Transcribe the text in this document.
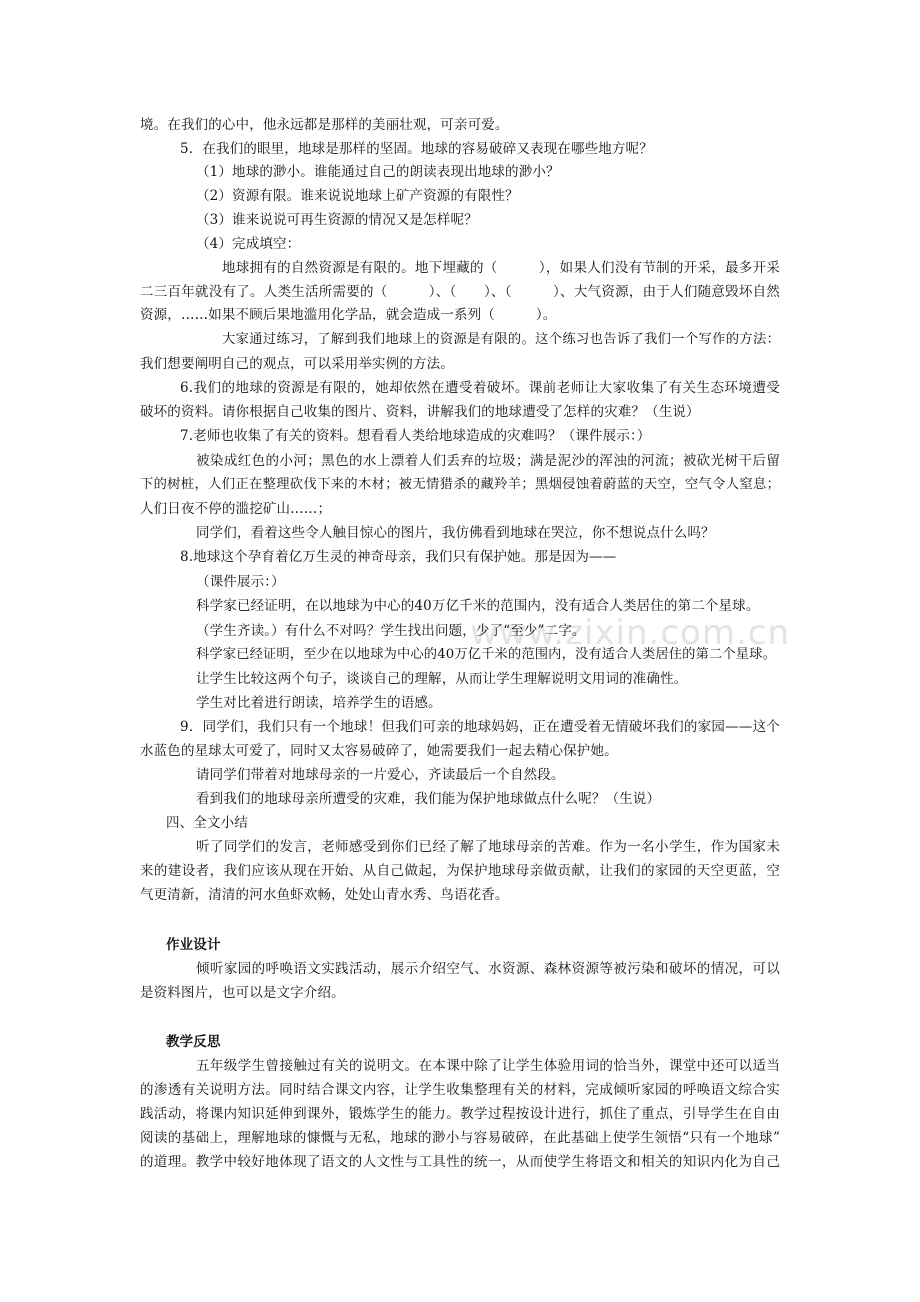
www.zixin.com.cn
境。在我们的心中，他永远都是那样的美丽壮观，可亲可爱。
5．在我们的眼里，地球是那样的坚固。地球的容易破碎又表现在哪些地方呢？
（1）地球的渺小。谁能通过自己的朗读表现出地球的渺小？
（2）资源有限。谁来说说地球上矿产资源的有限性？
（3）谁来说说可再生资源的情况又是怎样呢？
（4）完成填空：
地球拥有的自然资源是有限的。地下埋藏的（　　　），如果人们没有节制的开采，最多开采
二三百年就没有了。人类生活所需要的（　　　）、（　　）、（　　　）、大气资源，由于人们随意毁坏自然
资源，……如果不顾后果地滥用化学品，就会造成一系列（　　　）。
大家通过练习，了解到我们地球上的资源是有限的。这个练习也告诉了我们一个写作的方法：
我们想要阐明自己的观点，可以采用举实例的方法。
6.我们的地球的资源是有限的，她却依然在遭受着破坏。课前老师让大家收集了有关生态环境遭受
破坏的资料。请你根据自己收集的图片、资料，讲解我们的地球遭受了怎样的灾难？（生说）
7.老师也收集了有关的资料。想看看人类给地球造成的灾难吗？（课件展示：）
被染成红色的小河；黑色的水上漂着人们丢弃的垃圾；满是泥沙的浑浊的河流；被砍光树干后留
下的树桩，人们正在整理砍伐下来的木材；被无情猎杀的藏羚羊；黑烟侵蚀着蔚蓝的天空，空气令人窒息；
人们日夜不停的滥挖矿山……；
同学们，看着这些令人触目惊心的图片，我仿佛看到地球在哭泣，你不想说点什么吗？
8.地球这个孕育着亿万生灵的神奇母亲，我们只有保护她。那是因为——
（课件展示：）
科学家已经证明，在以地球为中心的40万亿千米的范围内，没有适合人类居住的第二个星球。
（学生齐读。）有什么不对吗？学生找出问题，少了“至少”二字。
科学家已经证明，至少在以地球为中心的40万亿千米的范围内，没有适合人类居住的第二个星球。
让学生比较这两个句子，谈谈自己的理解，从而让学生理解说明文用词的准确性。
学生对比着进行朗读，培养学生的语感。
9．同学们，我们只有一个地球！但我们可亲的地球妈妈，正在遭受着无情破坏我们的家园——这个
水蓝色的星球太可爱了，同时又太容易破碎了，她需要我们一起去精心保护她。
请同学们带着对地球母亲的一片爱心，齐读最后一个自然段。
看到我们的地球母亲所遭受的灾难，我们能为保护地球做点什么呢？（生说）
四、全文小结
听了同学们的发言，老师感受到你们已经了解了地球母亲的苦难。作为一名小学生，作为国家未
来的建设者，我们应该从现在开始、从自己做起，为保护地球母亲做贡献，让我们的家园的天空更蓝，空
气更清新，清清的河水鱼虾欢畅，处处山青水秀、鸟语花香。
作业设计
倾听家园的呼唤语文实践活动，展示介绍空气、水资源、森林资源等被污染和破坏的情况，可以
是资料图片，也可以是文字介绍。
教学反思
五年级学生曾接触过有关的说明文。在本课中除了让学生体验用词的恰当外，课堂中还可以适当
的渗透有关说明方法。同时结合课文内容，让学生收集整理有关的材料，完成倾听家园的呼唤语文综合实
践活动，将课内知识延伸到课外，锻炼学生的能力。教学过程按设计进行，抓住了重点，引导学生在自由
阅读的基础上，理解地球的慷慨与无私，地球的渺小与容易破碎，在此基础上使学生领悟“只有一个地球”
的道理。教学中较好地体现了语文的人文性与工具性的统一，从而使学生将语文和相关的知识内化为自己
